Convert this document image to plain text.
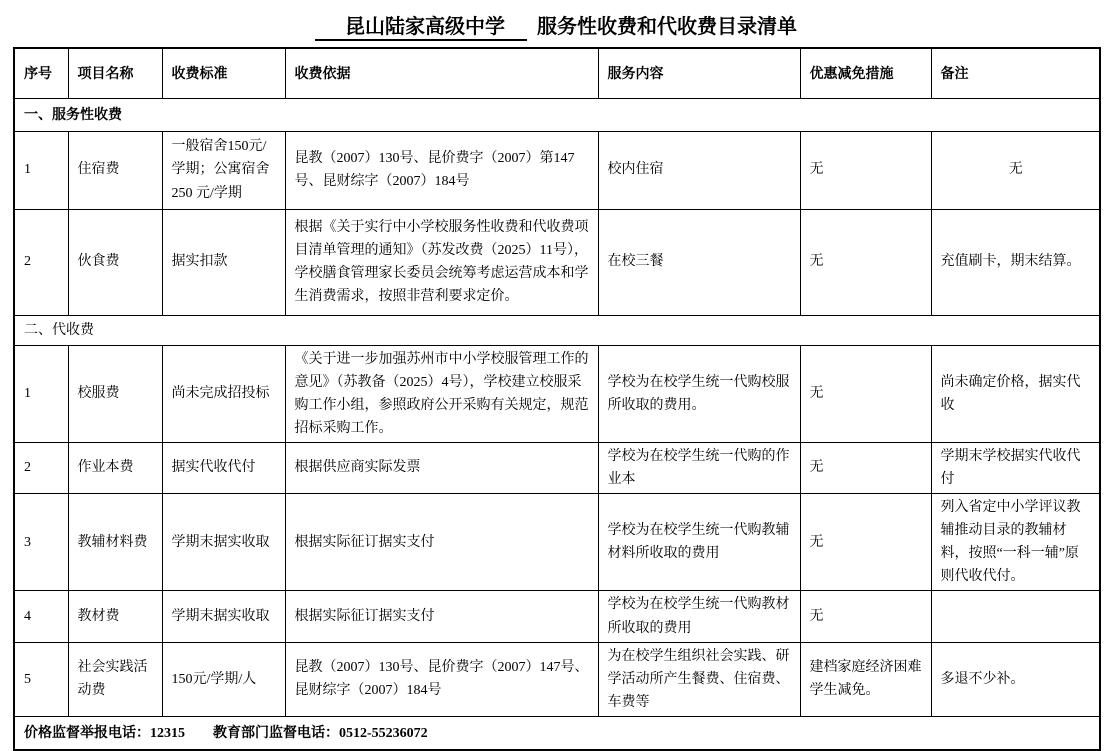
昆山陆家高级中学 服务性收费和代收费目录清单
序号	项目名称	收费标准	收费依据	服务内容	优惠减免措施	备注
一、服务性收费						
1	住宿费	一般宿舍150元/学期；公寓宿舍 250 元/学期	昆教（2007）130号、昆价费字（2007）第147号、昆财综字（2007）184号	校内住宿	无	无
2	伙食费	据实扣款	根据《关于实行中小学校服务性收费和代收费项目清单管理的通知》（苏发改费（2025）11号），学校膳食管理家长委员会统筹考虑运营成本和学生消费需求，按照非营利要求定价。	在校三餐	无	充值刷卡，期末结算。
二、代收费						
1	校服费	尚未完成招投标	《关于进一步加强苏州市中小学校服管理工作的意见》（苏教备（2025）4号），学校建立校服采购工作小组，参照政府公开采购有关规定，规范招标采购工作。	学校为在校学生统一代购校服所收取的费用。	无	尚未确定价格，据实代收
2	作业本费	据实代收代付	根据供应商实际发票	学校为在校学生统一代购的作业本	无	学期末学校据实代收代付
3	教辅材料费	学期末据实收取	根据实际征订据实支付	学校为在校学生统一代购教辅材料所收取的费用	无	列入省定中小学评议教辅推动目录的教辅材料，按照“一科一辅”原则代收代付。
4	教材费	学期末据实收取	根据实际征订据实支付	学校为在校学生统一代购教材所收取的费用	无	
5	社会实践活动费	150元/学期/人	昆教（2007）130号、昆价费字（2007）147号、昆财综字（2007）184号	为在校学生组织社会实践、研学活动所产生餐费、住宿费、车费等	建档家庭经济困难学生减免。	多退不少补。
价格监督举报电话：12315 教育部门监督电话：0512-55236072						
